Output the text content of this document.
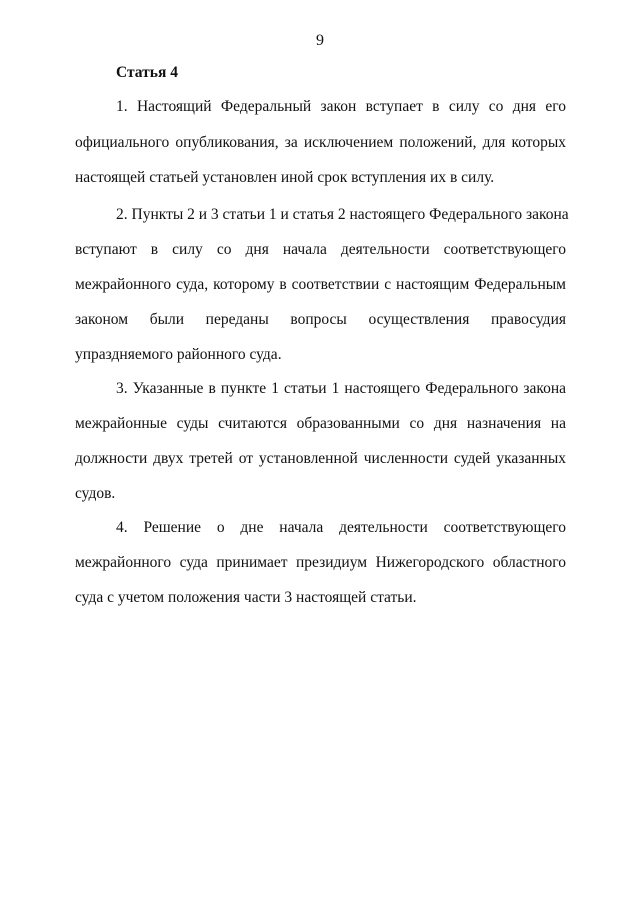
9
Статья 4
1. Настоящий Федеральный закон вступает в силу со дня его
официального опубликования, за исключением положений, для которых
настоящей статьей установлен иной срок вступления их в силу.
2. Пункты 2 и 3 статьи 1 и статья 2 настоящего Федерального закона
вступают в силу со дня начала деятельности соответствующего
межрайонного суда, которому в соответствии с настоящим Федеральным
законом были переданы вопросы осуществления правосудия
упраздняемого районного суда.
3. Указанные в пункте 1 статьи 1 настоящего Федерального закона
межрайонные суды считаются образованными со дня назначения на
должности двух третей от установленной численности судей указанных
судов.
4. Решение о дне начала деятельности соответствующего
межрайонного суда принимает президиум Нижегородского областного
суда с учетом положения части 3 настоящей статьи.
